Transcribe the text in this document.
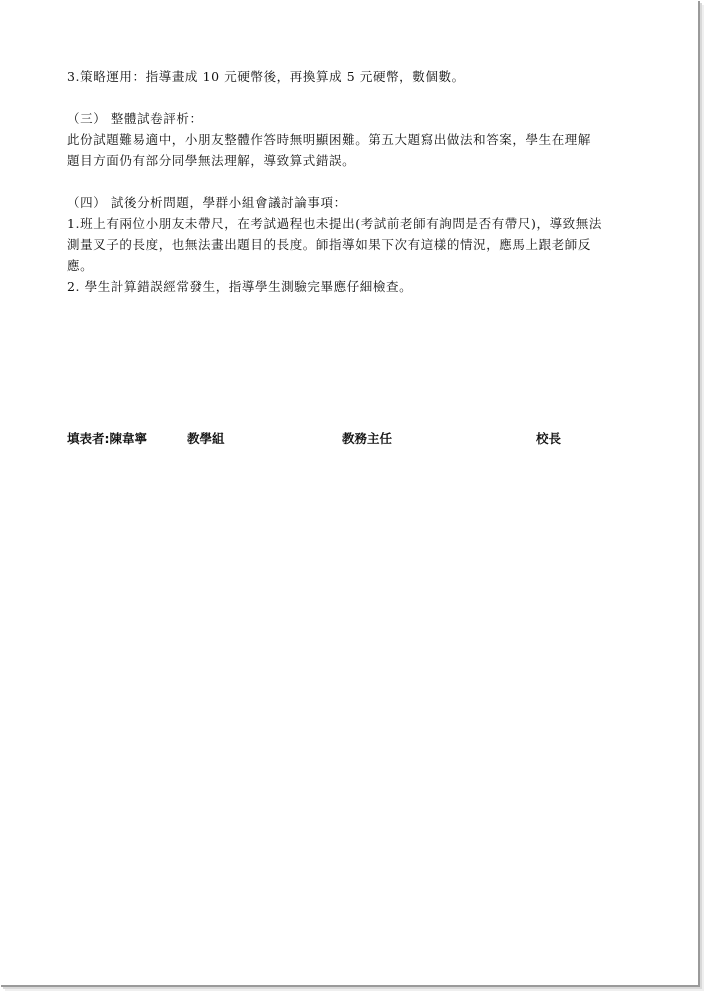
3.策略運用：指導畫成 10 元硬幣後，再換算成 5 元硬幣，數個數。
（三） 整體試卷評析：
此份試題難易適中，小朋友整體作答時無明顯困難。第五大題寫出做法和答案，學生在理解
題目方面仍有部分同學無法理解，導致算式錯誤。
（四） 試後分析問題，學群小組會議討論事項：
1.班上有兩位小朋友未帶尺，在考試過程也未提出(考試前老師有詢問是否有帶尺)，導致無法
測量叉子的長度，也無法畫出題目的長度。師指導如果下次有這樣的情況，應馬上跟老師反
應。
2. 學生計算錯誤經常發生，指導學生測驗完畢應仔細檢查。
填表者:陳韋寧	教學組	教務主任	校長
